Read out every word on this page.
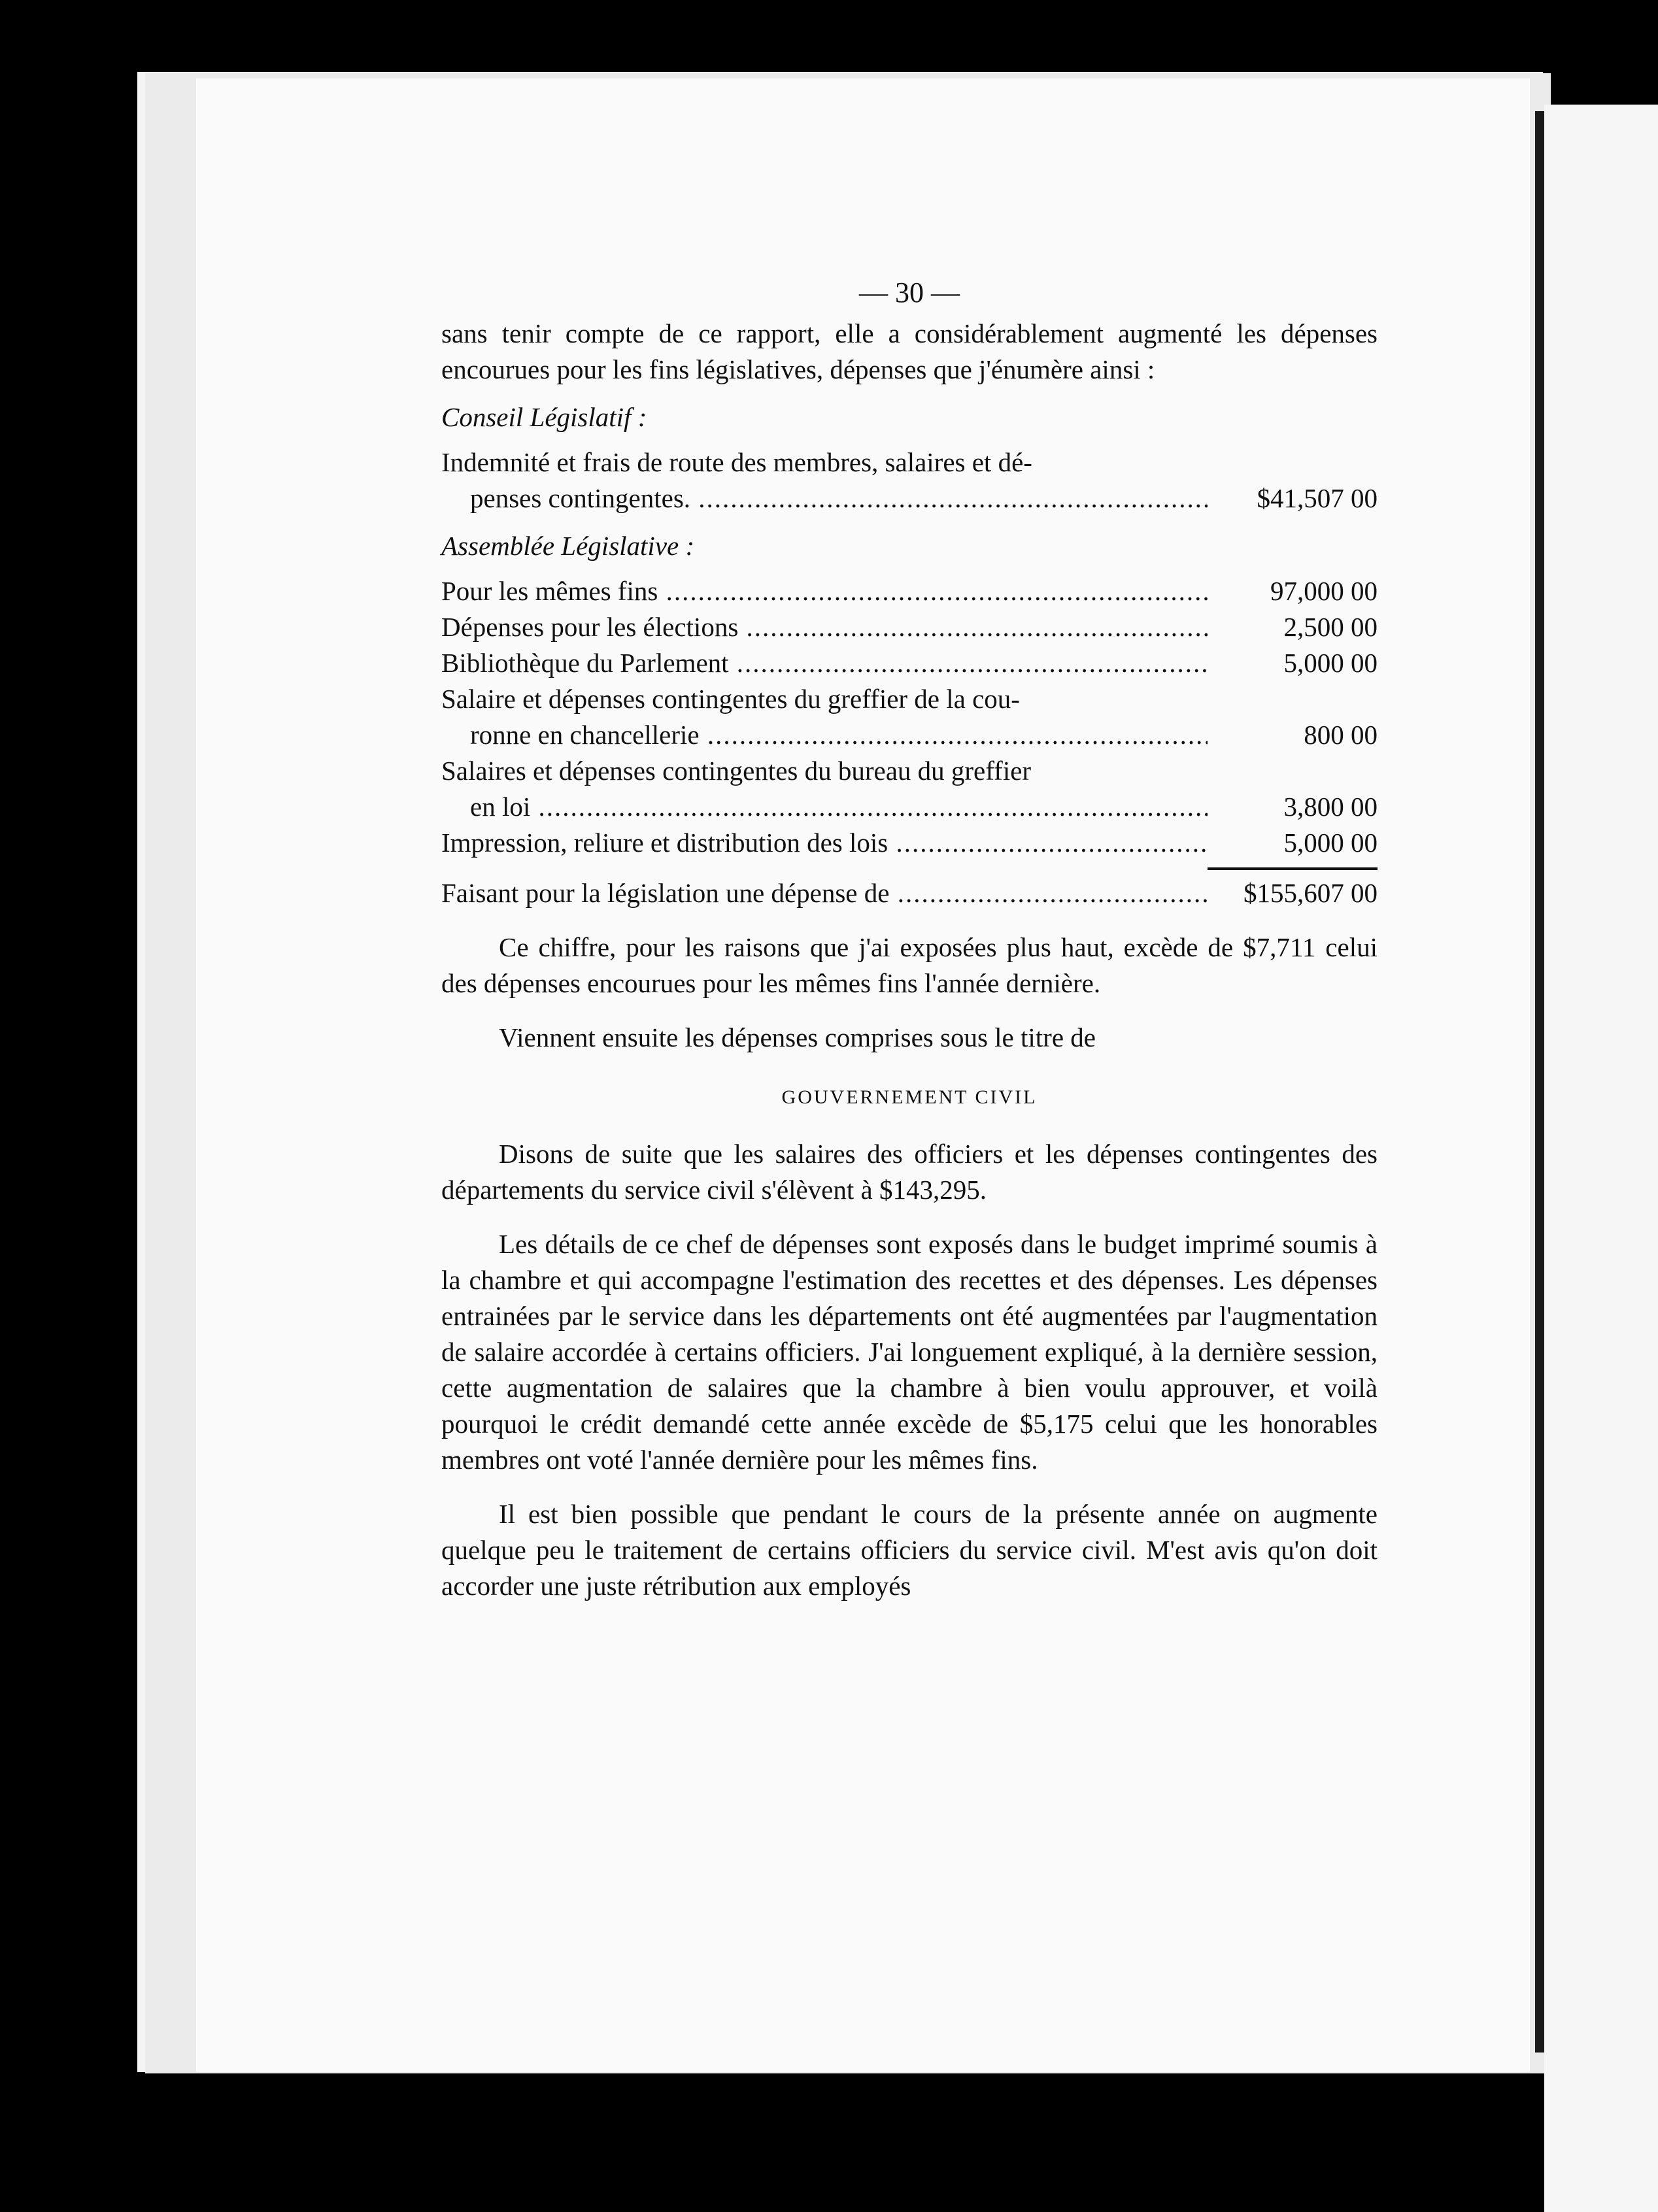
— 30 —

sans tenir compte de ce rapport, elle a considérablement augmenté les dépenses encourues pour les fins législatives, dépenses que j'énumère ainsi :

Conseil Législatif :
Indemnité et frais de route des membres, salaires et dé-
penses contingentes. .....	$41,507 00
Assemblée Législative :
Pour les mêmes fins .....	97,000 00
Dépenses pour les élections .....	2,500 00
Bibliothèque du Parlement .....	5,000 00
Salaire et dépenses contingentes du greffier de la cou-
ronne en chancellerie .....	800 00
Salaires et dépenses contingentes du bureau du greffier
en loi .....	3,800 00
Impression, reliure et distribution des lois .....	5,000 00
Faisant pour la législation une dépense de .....	$155,607 00

Ce chiffre, pour les raisons que j'ai exposées plus haut, excède de $7,711 celui des dépenses encourues pour les mêmes fins l'année dernière.

Viennent ensuite les dépenses comprises sous le titre de

GOUVERNEMENT CIVIL

Disons de suite que les salaires des officiers et les dépenses contingentes des départements du service civil s'élèvent à $143,295.

Les détails de ce chef de dépenses sont exposés dans le budget imprimé soumis à la chambre et qui accompagne l'estimation des recettes et des dépenses. Les dépenses entrainées par le service dans les départements ont été augmentées par l'augmentation de salaire accordée à certains officiers. J'ai longuement expliqué, à la dernière session, cette augmentation de salaires que la chambre à bien voulu approuver, et voilà pourquoi le crédit demandé cette année excède de $5,175 celui que les honorables membres ont voté l'année dernière pour les mêmes fins.

Il est bien possible que pendant le cours de la présente année on augmente quelque peu le traitement de certains officiers du service civil. M'est avis qu'on doit accorder une juste rétribution aux employés
